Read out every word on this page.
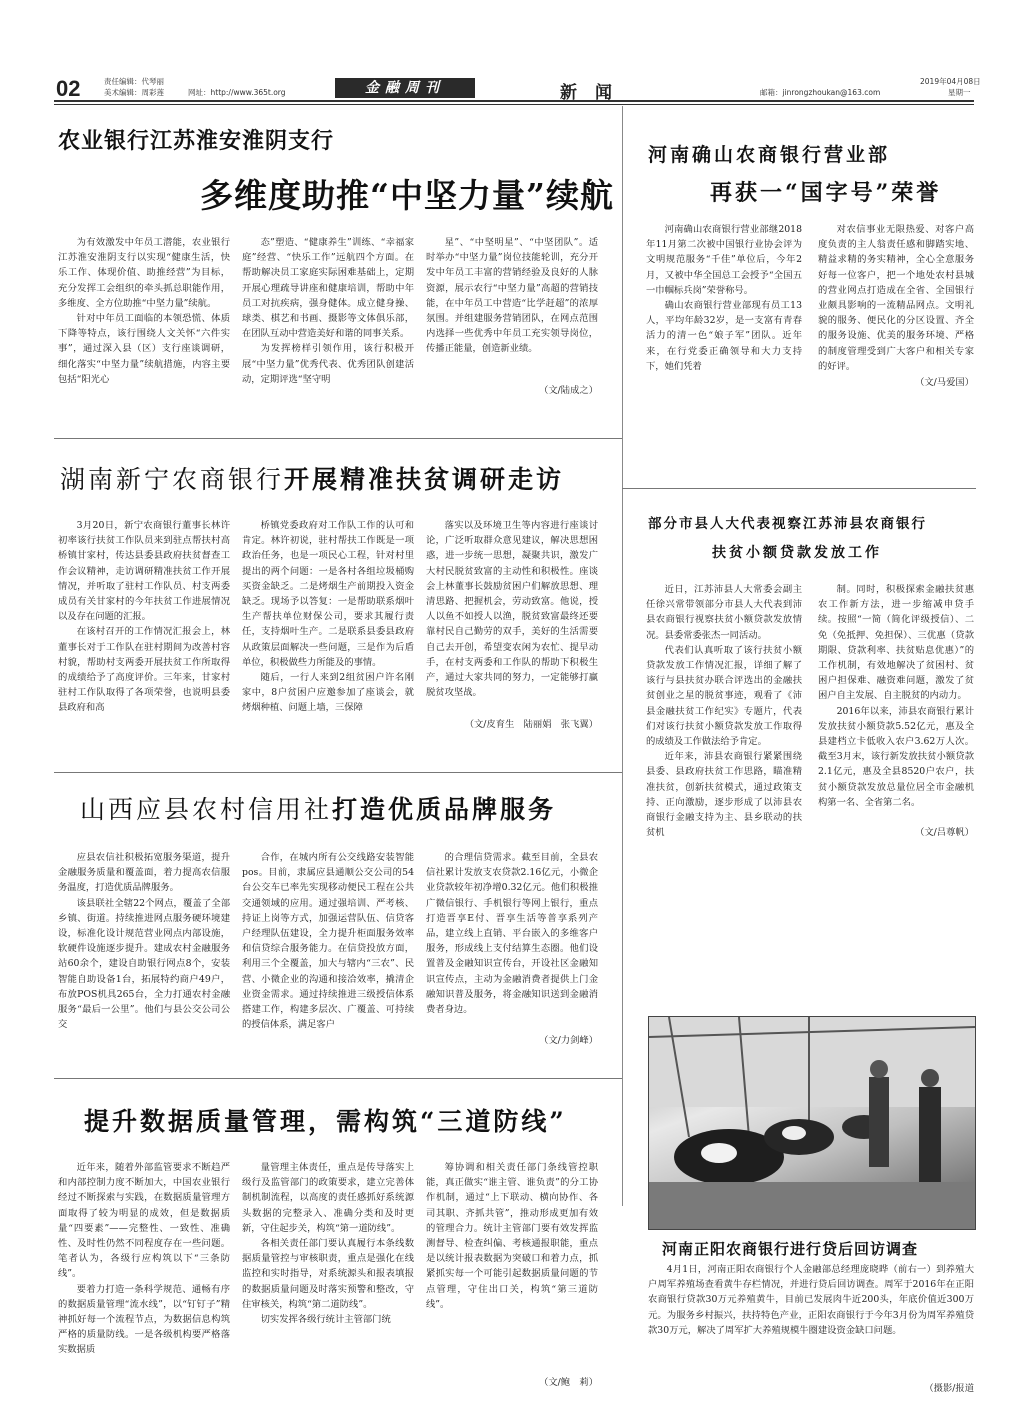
02	责任编辑：代琴丽
美术编辑：周彩莲	网址：http://www.365t.org	金融周刊	新闻	邮箱：jinrongzhoukan@163.com
2019年04月08日
星期一
农业银行江苏淮安淮阴支行
多维度助推“中坚力量”续航

为有效激发中年员工潜能，农业银行江苏淮安淮阴支行以实现“健康生活，快乐工作、体现价值、助推经营”为目标，充分发挥工会组织的牵头抓总职能作用，多维度、全方位助推“中坚力量”续航。

针对中年员工面临的本领恐慌、体质下降等特点，该行围绕人文关怀“六件实事”，通过深入县（区）支行座谈调研，细化落实“中坚力量”续航措施，内容主要包括“阳光心

态”塑造、“健康养生”训练、“幸福家庭”经营、“快乐工作”远航四个方面。在帮助解决员工家庭实际困难基础上，定期开展心理疏导讲座和健康培训，帮助中年员工对抗疾病，强身健体。成立健身操、球类、棋艺和书画、摄影等文体俱乐部，在团队互动中营造美好和谐的同事关系。

为发挥榜样引领作用，该行积极开展“中坚力量”优秀代表、优秀团队创建活动，定期评选“坚守明

星”、“中坚明星”、“中坚团队”。适时举办“中坚力量”岗位技能轮训，充分开发中年员工丰富的营销经验及良好的人脉资源，展示农行“中坚力量”高超的营销技能，在中年员工中营造“比学赶超”的浓厚氛围。并组建服务营销团队，在网点范围内选择一些优秀中年员工充实领导岗位，传播正能量，创造新业绩。
（文/陆成之）
河南确山农商银行营业部
再获一“国字号”荣誉

河南确山农商银行营业部继2018年11月第二次被中国银行业协会评为文明规范服务“千佳”单位后，今年2月，又被中华全国总工会授予“全国五一巾帼标兵岗”荣誉称号。

确山农商银行营业部现有员工13人，平均年龄32岁，是一支富有青春活力的清一色“娘子军”团队。近年来，在行党委正确领导和大力支持下，她们凭着

对农信事业无限热爱、对客户高度负责的主人翁责任感和脚踏实地、精益求精的务实精神，全心全意服务好每一位客户，把一个地处农村县城的营业网点打造成在全省、全国银行业颇具影响的一流精品网点。文明礼貌的服务、便民化的分区设置、齐全的服务设施、优美的服务环境、严格的制度管理受到广大客户和相关专家的好评。
（文/马爱国）
湖南新宁农商银行开展精准扶贫调研走访

3月20日，新宁农商银行董事长林许初率该行扶贫工作队员来到驻点帮扶村高桥镇甘家村，传达县委县政府扶贫督查工作会议精神，走访调研精准扶贫工作开展情况，并听取了驻村工作队员、村支两委成员有关甘家村的今年扶贫工作进展情况以及存在问题的汇报。

在该村召开的工作情况汇报会上，林董事长对于工作队在驻村期间为改善村容村貌，帮助村支两委开展扶贫工作所取得的成绩给予了高度评价。三年来，甘家村驻村工作队取得了各项荣誉，也说明县委县政府和高

桥镇党委政府对工作队工作的认可和肯定。林许初说，驻村帮扶工作既是一项政治任务，也是一项民心工程，针对村里提出的两个问题：一是各村各组垃圾桶购买资金缺乏。二是烤烟生产前期投入资金缺乏。现场予以答复：一是帮助联系烟叶生产帮扶单位财保公司，要求其履行责任，支持烟叶生产。二是联系县委县政府从政策层面解决一些问题，三是作为后盾单位，积极做些力所能及的事情。

随后，一行人来到2组贫困户许名刚家中，8户贫困户应邀参加了座谈会，就烤烟种植、问题上墙，三保障

落实以及环境卫生等内容进行座谈讨论，广泛听取群众意见建议，解决思想困惑，进一步统一思想，凝聚共识，激发广大村民脱贫致富的主动性和积极性。座谈会上林董事长鼓励贫困户们解放思想、理清思路、把握机会，劳动致富。他说，授人以鱼不如授人以渔，脱贫致富最终还要靠村民自己勤劳的双手，美好的生活需要自己去开创，希望变农闲为农忙、提早动手，在村支两委和工作队的帮助下积极生产，通过大家共同的努力，一定能够打赢脱贫攻坚战。
（文/皮育生　陆丽娟　张飞翼）
部分市县人大代表视察江苏沛县农商银行
扶贫小额贷款发放工作

近日，江苏沛县人大常委会副主任徐兴常带领部分市县人大代表到沛县农商银行视察扶贫小额贷款发放情况。县委常委张杰一同活动。

代表们认真听取了该行扶贫小额贷款发放工作情况汇报，详细了解了该行与县扶贫办联合评选出的金融扶贫创业之星的脱贫事迹，观看了《沛县金融扶贫工作纪实》专题片，代表们对该行扶贫小额贷款发放工作取得的成绩及工作做法给予肯定。

近年来，沛县农商银行紧紧围绕县委、县政府扶贫工作思路，瞄准精准扶贫，创新扶贫模式，通过政策支持、正向激励，逐步形成了以沛县农商银行金融支持为主、县乡联动的扶贫机

制。同时，积极探索金融扶贫惠农工作新方法，进一步缩减申贷手续。按照“一简（简化评级授信）、二免（免抵押、免担保）、三优惠（贷款期限、贷款利率、扶贫贴息优惠）”的工作机制，有效地解决了贫困村、贫困户担保难、融资难问题，激发了贫困户自主发展、自主脱贫的内动力。

2016年以来，沛县农商银行累计发放扶贫小额贷款5.52亿元，惠及全县建档立卡低收入农户3.62万人次。截至3月末，该行新发放扶贫小额贷款2.1亿元，惠及全县8520户农户，扶贫小额贷款发放总量位居全市金融机构第一名、全省第二名。

（文/吕尊帆）
山西应县农村信用社打造优质品牌服务

应县农信社积极拓宽服务渠道，提升金融服务质量和覆盖面，着力提高农信服务温度，打造优质品牌服务。

该县联社全辖22个网点，覆盖了全部乡镇、街道。持续推进网点服务硬环境建设，标准化设计规范营业网点内部设施，软硬件设施逐步提升。建成农村金融服务站60余个，建设自助银行网点8个，安装智能自助设备1台，拓展特约商户49户，布放POS机具265台，全力打通农村金融服务“最后一公里”。他们与县公交公司公交

合作，在城内所有公交线路安装智能pos。目前，隶属应县通顺公交公司的54台公交车已率先实现移动便民工程在公共交通领域的应用。通过强培训、严考核、持证上岗等方式，加强运营队伍、信贷客户经理队伍建设，全力提升柜面服务效率和信贷综合服务能力。在信贷投放方面，利用三个全覆盖，加大与辖内“三农”、民营、小微企业的沟通和接洽效率，撬清企业资金需求。通过持续推进三级授信体系搭建工作，构建多层次、广覆盖、可持续的授信体系，满足客户
的合理信贷需求。截至目前，全县农信社累计发放支农贷款2.16亿元，小微企业贷款较年初净增0.32亿元。他们积极推广微信银行、手机银行等网上银行，重点打造晋享E付、晋享生活等普享系列产品，建立线上直销、平台嵌入的多维客户服务，形成线上支付结算生态圈。他们设置普及金融知识宣传台，开设社区金融知识宣传点，主动为金融消费者提供上门金融知识普及服务，将金融知识送到金融消费者身边。
（文/力剑峰）
提升数据质量管理，需构筑“三道防线”

近年来，随着外部监管要求不断趋严和内部控制力度不断加大，中国农业银行经过不断探索与实践，在数据质量管理方面取得了较为明显的成效，但是数据质量“四要素”——完整性、一致性、准确性、及时性仍然不同程度存在一些问题。笔者认为，各级行应构筑以下“三条防线”。

要着力打造一条科学规范、通畅有序的数据质量管理“流水线”，以“钉钉子”精神抓好每一个流程节点，为数据信息构筑严格的质量防线。一是各级机构要严格落实数据质

量管理主体责任，重点是传导落实上级行及监管部门的政策要求，建立完善体制机制流程，以高度的责任感抓好系统源头数据的完整录入、准确分类和及时更新，守住起步关，构筑“第一道防线”。

各相关责任部门要认真履行本条线数据质量管控与审核职责，重点是强化在线监控和实时指导，对系统源头和报表填报的数据质量问题及时落实预警和整改，守住审核关，构筑“第二道防线”。

切实发挥各级行统计主管部门统

筹协调和相关责任部门条线管控职能，真正做实“谁主管、谁负责”的分工协作机制，通过“上下联动、横向协作、各司其职、齐抓共管”，推动形成更加有效的管理合力。统计主管部门要有效发挥监测督导、检查纠偏、考核通报职能，重点是以统计报表数据为突破口和着力点，抓紧抓实每一个可能引起数据质量问题的节点管理，守住出口关，构筑“第三道防线”。
（文/鲍　莉）
河南正阳农商银行进行贷后回访调查
4月1日，河南正阳农商银行个人金融部总经理庞晓晔（前右一）到养殖大户周军养殖场查看黄牛存栏情况，并进行贷后回访调查。周军于2016年在正阳农商银行贷款30万元养殖黄牛，目前已发展肉牛近200头，年底价值近300万元。为服务乡村振兴，扶持特色产业，正阳农商银行于今年3月份为周军养殖贷款30万元，解决了周军扩大养殖规模牛圈建设资金缺口问题。
（摄影/报道
